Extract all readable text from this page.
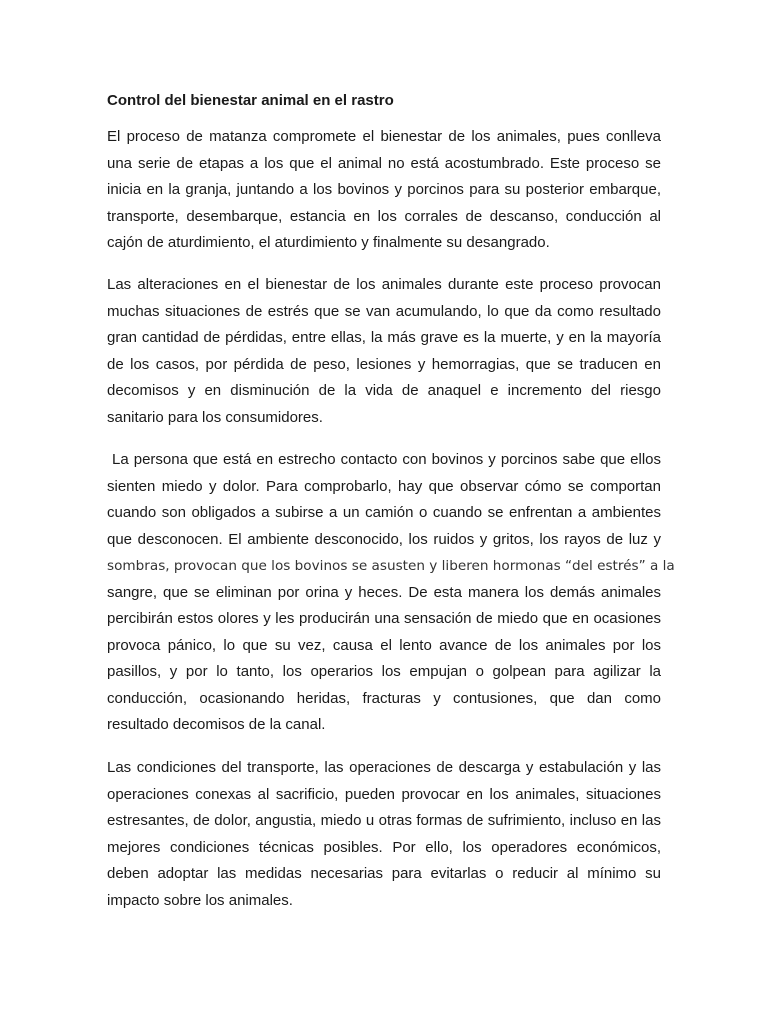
Control del bienestar animal en el rastro

El proceso de matanza compromete el bienestar de los animales, pues conlleva
una serie de etapas a los que el animal no está acostumbrado. Este proceso se
inicia en la granja, juntando a los bovinos y porcinos para su posterior embarque,
transporte, desembarque, estancia en los corrales de descanso, conducción al
cajón de aturdimiento, el aturdimiento y finalmente su desangrado.

Las alteraciones en el bienestar de los animales durante este proceso provocan
muchas situaciones de estrés que se van acumulando, lo que da como resultado
gran cantidad de pérdidas, entre ellas, la más grave es la muerte, y en la mayoría
de los casos, por pérdida de peso, lesiones y hemorragias, que se traducen en
decomisos y en disminución de la vida de anaquel e incremento del riesgo
sanitario para los consumidores.

La persona que está en estrecho contacto con bovinos y porcinos sabe que ellos
sienten miedo y dolor. Para comprobarlo, hay que observar cómo se comportan
cuando son obligados a subirse a un camión o cuando se enfrentan a ambientes
que desconocen. El ambiente desconocido, los ruidos y gritos, los rayos de luz y
sombras, provocan que los bovinos se asusten y liberen hormonas “del estrés” a la
sangre, que se eliminan por orina y heces. De esta manera los demás animales
percibirán estos olores y les producirán una sensación de miedo que en ocasiones
provoca pánico, lo que su vez, causa el lento avance de los animales por los
pasillos, y por lo tanto, los operarios los empujan o golpean para agilizar la
conducción, ocasionando heridas, fracturas y contusiones, que dan como
resultado decomisos de la canal.

Las condiciones del transporte, las operaciones de descarga y estabulación y las
operaciones conexas al sacrificio, pueden provocar en los animales, situaciones
estresantes, de dolor, angustia, miedo u otras formas de sufrimiento, incluso en las
mejores condiciones técnicas posibles. Por ello, los operadores económicos,
deben adoptar las medidas necesarias para evitarlas o reducir al mínimo su
impacto sobre los animales.
